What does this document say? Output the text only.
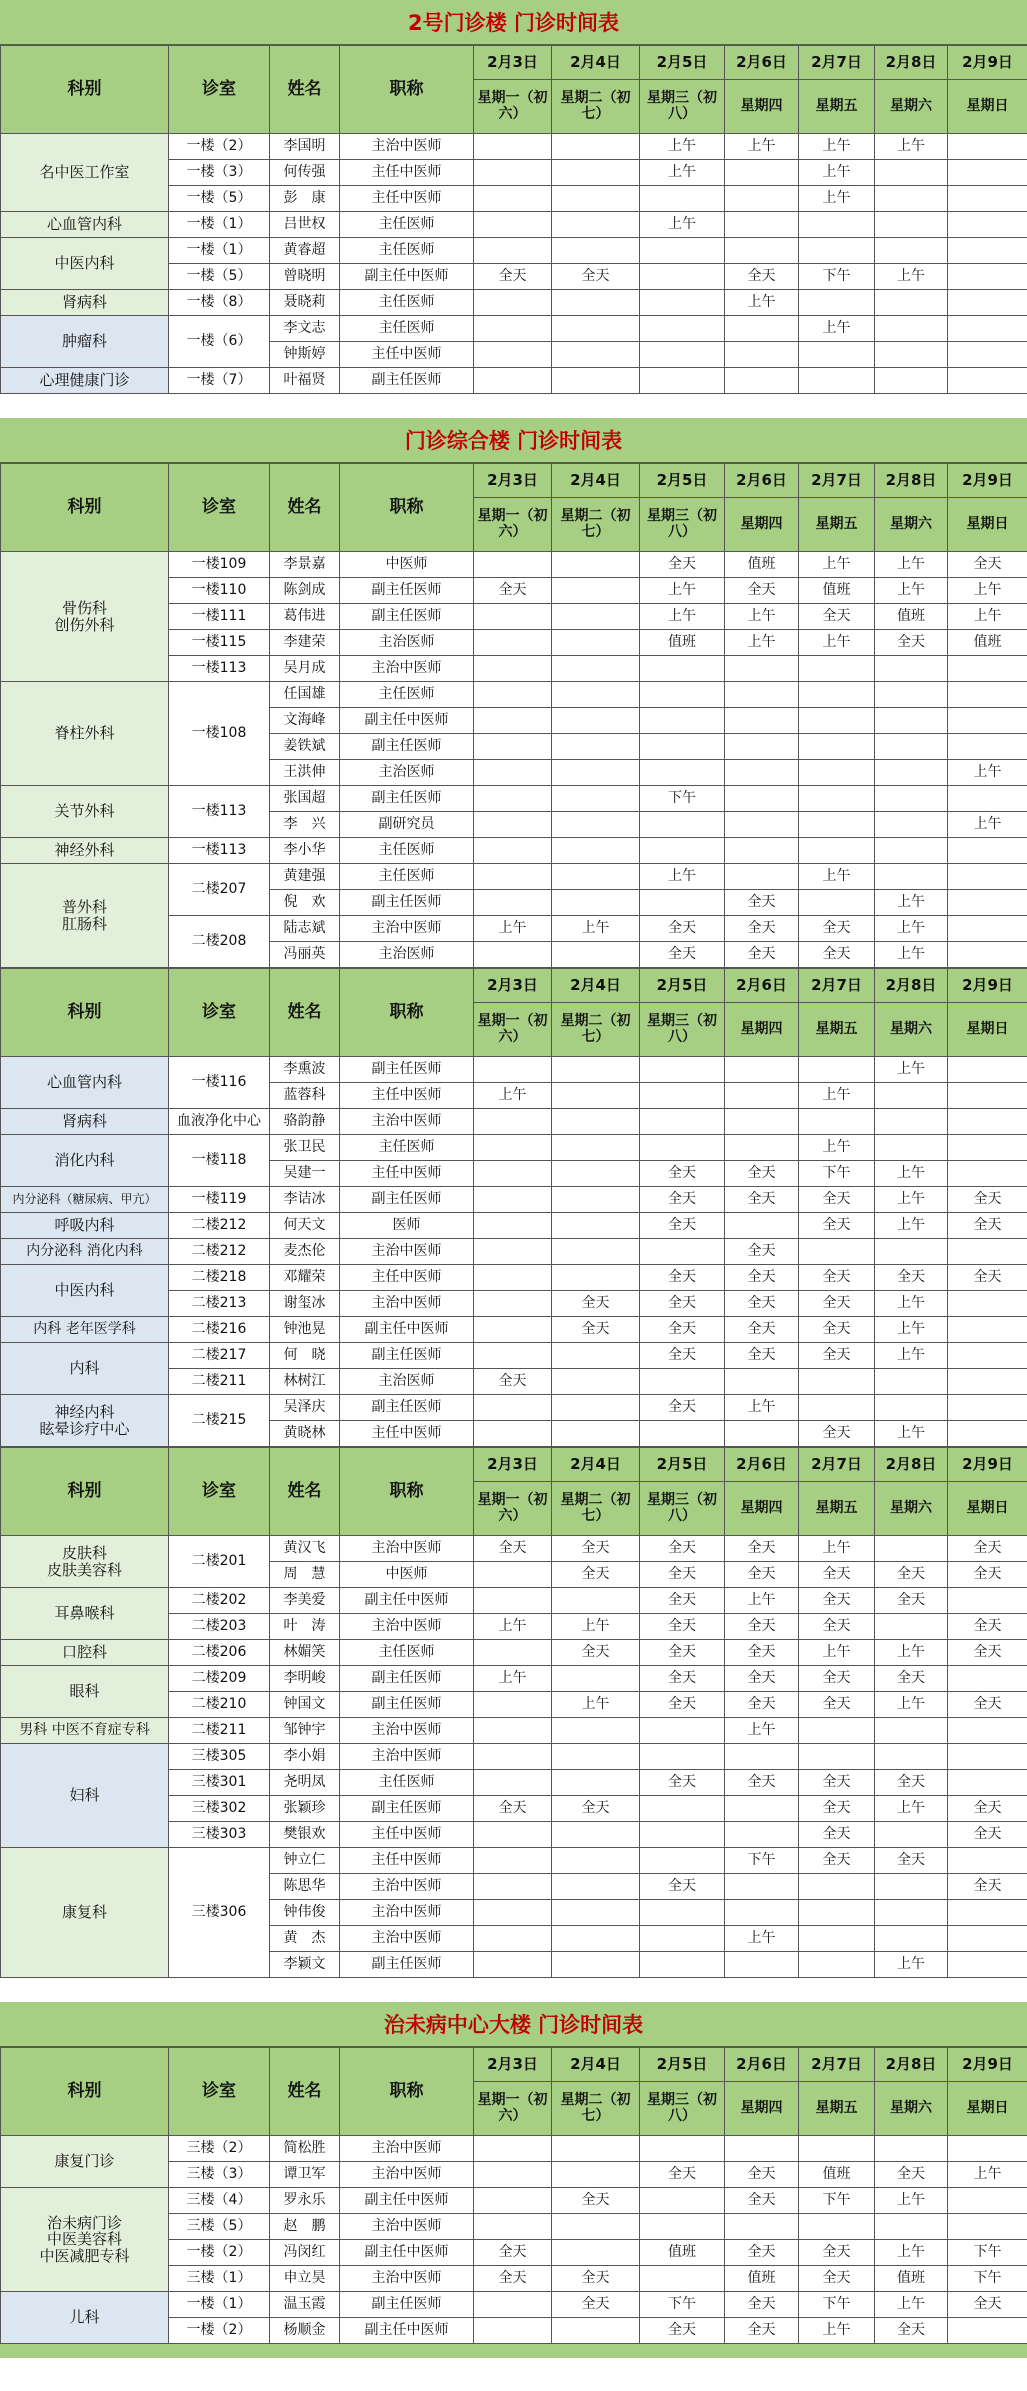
2号门诊楼 门诊时间表
科别	诊室	姓名	职称	2月3日	2月4日	2月5日	2月6日	2月7日	2月8日	2月9日
				星期一（初六）	星期二（初七）	星期三（初八）	星期四	星期五	星期六	星期日
名中医工作室	一楼（2）	李国明	主治中医师			上午	上午	上午	上午	
	一楼（3）	何传强	主任中医师			上午		上午		
	一楼（5）	彭　康	主任中医师					上午		
心血管内科	一楼（1）	吕世权	主任医师			上午				
中医内科	一楼（1）	黄睿超	主任医师							
	一楼（5）	曾晓明	副主任中医师	全天	全天		全天	下午	上午	
肾病科	一楼（8）	聂晓莉	主任医师				上午			
肿瘤科	一楼（6）	李文志	主任医师					上午		
		钟斯婷	主任中医师							
心理健康门诊	一楼（7）	叶福贤	副主任医师							
门诊综合楼 门诊时间表
科别	诊室	姓名	职称	2月3日	2月4日	2月5日	2月6日	2月7日	2月8日	2月9日
				星期一（初六）	星期二（初七）	星期三（初八）	星期四	星期五	星期六	星期日
骨伤科
创伤外科	一楼109	李景嘉	中医师			全天	值班	上午	上午	全天
	一楼110	陈剑成	副主任医师	全天		上午	全天	值班	上午	上午
	一楼111	葛伟进	副主任医师			上午	上午	全天	值班	上午
	一楼115	李建荣	主治医师			值班	上午	上午	全天	值班
	一楼113	吴月成	主治中医师							
脊柱外科	一楼108	任国雄	主任医师							
		文海峰	副主任中医师							
		姜铁斌	副主任医师							
		王洪伸	主治医师							上午
关节外科	一楼113	张国超	副主任医师			下午				
		李　兴	副研究员							上午
神经外科	一楼113	李小华	主任医师							
普外科
肛肠科	二楼207	黄建强	主任医师			上午		上午		
		倪　欢	副主任医师				全天		上午	
	二楼208	陆志斌	主治中医师	上午	上午	全天	全天	全天	上午	
		冯丽英	主治医师			全天	全天	全天	上午	
科别	诊室	姓名	职称	2月3日	2月4日	2月5日	2月6日	2月7日	2月8日	2月9日
				星期一（初六）	星期二（初七）	星期三（初八）	星期四	星期五	星期六	星期日
心血管内科	一楼116	李熏波	副主任医师						上午	
		蓝蓉科	主任中医师	上午				上午		
肾病科	血液净化中心	骆韵静	主治中医师							
消化内科	一楼118	张卫民	主任医师					上午		
		吴建一	主任中医师			全天	全天	下午	上午	
内分泌科（糖尿病、甲亢）	一楼119	李诘冰	副主任医师			全天	全天	全天	上午	全天
呼吸内科	二楼212	何天文	医师			全天		全天	上午	全天
内分泌科 消化内科	二楼212	麦杰伦	主治中医师				全天			
中医内科	二楼218	邓耀荣	主任中医师			全天	全天	全天	全天	全天
	二楼213	谢玺冰	主治中医师		全天	全天	全天	全天	上午	
内科 老年医学科	二楼216	钟池晃	副主任中医师		全天	全天	全天	全天	上午	
内科	二楼217	何　晓	副主任医师			全天	全天	全天	上午	
	二楼211	林树江	主治医师	全天						
神经内科
眩晕诊疗中心	二楼215	吴泽庆	副主任医师			全天	上午			
		黄晓林	主任中医师					全天	上午	
科别	诊室	姓名	职称	2月3日	2月4日	2月5日	2月6日	2月7日	2月8日	2月9日
				星期一（初六）	星期二（初七）	星期三（初八）	星期四	星期五	星期六	星期日
皮肤科
皮肤美容科	二楼201	黄汉飞	主治中医师	全天	全天	全天	全天	上午		全天
		周　慧	中医师		全天	全天	全天	全天	全天	全天
耳鼻喉科	二楼202	李美爱	副主任中医师			全天	上午	全天	全天	
	二楼203	叶　涛	主治中医师	上午	上午	全天	全天	全天		全天
口腔科	二楼206	林媚笑	主任医师		全天	全天	全天	上午	上午	全天
眼科	二楼209	李明峻	副主任医师	上午		全天	全天	全天	全天	
	二楼210	钟国文	副主任医师		上午	全天	全天	全天	上午	全天
男科 中医不育症专科	二楼211	邹钟宇	主治中医师				上午			
妇科	三楼305	李小娟	主治中医师							
	三楼301	尧明凤	主任医师			全天	全天	全天	全天	
	三楼302	张颖珍	副主任医师	全天	全天			全天	上午	全天
	三楼303	樊银欢	主任中医师					全天		全天
康复科	三楼306	钟立仁	主任中医师				下午	全天	全天	
		陈思华	主治中医师			全天				全天
		钟伟俊	主治中医师							
		黄　杰	主治中医师				上午			
		李颖文	副主任医师						上午	
治未病中心大楼 门诊时间表
科别	诊室	姓名	职称	2月3日	2月4日	2月5日	2月6日	2月7日	2月8日	2月9日
				星期一（初六）	星期二（初七）	星期三（初八）	星期四	星期五	星期六	星期日
康复门诊	三楼（2）	简松胜	主治中医师							
	三楼（3）	谭卫军	主治中医师			全天	全天	值班	全天	上午
治未病门诊
中医美容科
中医减肥专科	三楼（4）	罗永乐	副主任中医师		全天		全天	下午	上午	
	三楼（5）	赵　鹏	主治中医师							
	一楼（2）	冯闵红	副主任中医师	全天		值班	全天	全天	上午	下午
	三楼（1）	申立昊	主治中医师	全天	全天		值班	全天	值班	下午
儿科	一楼（1）	温玉霞	副主任医师		全天	下午	全天	下午	上午	全天
	一楼（2）	杨顺金	副主任中医师			全天	全天	上午	全天	
